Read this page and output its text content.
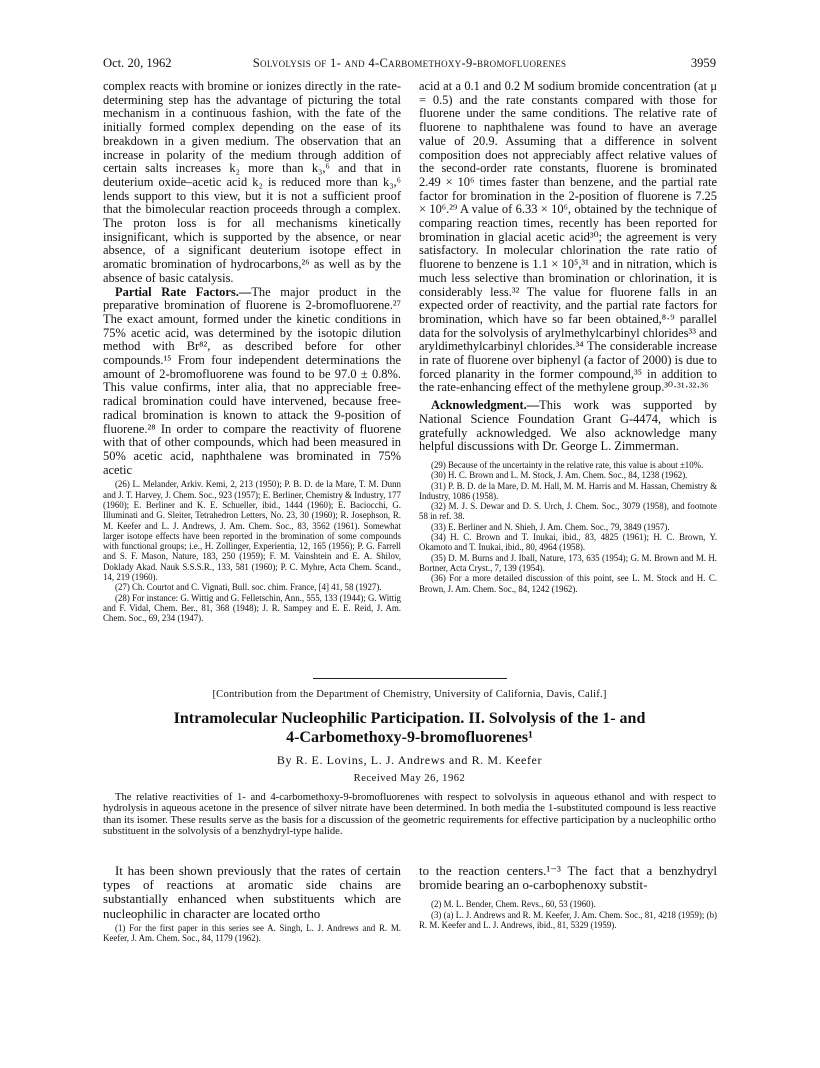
Oct. 20, 1962	Solvolysis of 1- and 4-Carbomethoxy-9-bromofluorenes	3959

complex reacts with bromine or ionizes directly in the rate-determining step has the advantage of picturing the total mechanism in a continuous fashion, with the fate of the initially formed complex depending on the ease of its breakdown in a given medium. The observation that an increase in polarity of the medium through addition of certain salts increases k₂ more than k₃,⁶ and that in deuterium oxide–acetic acid k₂ is reduced more than k₃,⁶ lends support to this view, but it is not a sufficient proof that the bimolecular reaction proceeds through a complex. The proton loss is for all mechanisms kinetically insignificant, which is supported by the absence, or near absence, of a significant deuterium isotope effect in aromatic bromination of hydrocarbons,²⁶ as well as by the absence of basic catalysis.

Partial Rate Factors.—The major product in the preparative bromination of fluorene is 2-bromofluorene.²⁷ The exact amount, formed under the kinetic conditions in 75% acetic acid, was determined by the isotopic dilution method with Br⁸², as described before for other compounds.¹⁵ From four independent determinations the amount of 2-bromofluorene was found to be 97.0 ± 0.8%. This value confirms, inter alia, that no appreciable free-radical bromination could have intervened, because free-radical bromination is known to attack the 9-position of fluorene.²⁸ In order to compare the reactivity of fluorene with that of other compounds, which had been measured in 50% acetic acid, naphthalene was brominated in 75% acetic

(26) L. Melander, Arkiv. Kemi, 2, 213 (1950); P. B. D. de la Mare, T. M. Dunn and J. T. Harvey, J. Chem. Soc., 923 (1957); E. Berliner, Chemistry & Industry, 177 (1960); E. Berliner and K. E. Schueller, ibid., 1444 (1960); E. Baciocchi, G. Illuminati and G. Sleiter, Tetrahedron Letters, No. 23, 30 (1960); R. Josephson, R. M. Keefer and L. J. Andrews, J. Am. Chem. Soc., 83, 3562 (1961). Somewhat larger isotope effects have been reported in the bromination of some compounds with functional groups; i.e., H. Zollinger, Experientia, 12, 165 (1956); P. G. Farrell and S. F. Mason, Nature, 183, 250 (1959); F. M. Vainshtein and E. A. Shilov, Doklady Akad. Nauk S.S.S.R., 133, 581 (1960); P. C. Myhre, Acta Chem. Scand., 14, 219 (1960).

(27) Ch. Courtot and C. Vignati, Bull. soc. chim. France, [4] 41, 58 (1927).

(28) For instance: G. Wittig and G. Felletschin, Ann., 555, 133 (1944); G. Wittig and F. Vidal, Chem. Ber., 81, 368 (1948); J. R. Sampey and E. E. Reid, J. Am. Chem. Soc., 69, 234 (1947).

acid at a 0.1 and 0.2 M sodium bromide concentration (at μ = 0.5) and the rate constants compared with those for fluorene under the same conditions. The relative rate of fluorene to naphthalene was found to have an average value of 20.9. Assuming that a difference in solvent composition does not appreciably affect relative values of the second-order rate constants, fluorene is brominated 2.49 × 10⁶ times faster than benzene, and the partial rate factor for bromination in the 2-position of fluorene is 7.25 × 10⁶.²⁹ A value of 6.33 × 10⁶, obtained by the technique of comparing reaction times, recently has been reported for bromination in glacial acetic acid³⁰; the agreement is very satisfactory. In molecular chlorination the rate ratio of fluorene to benzene is 1.1 × 10⁵,³¹ and in nitration, which is much less selective than bromination or chlorination, it is considerably less.³² The value for fluorene falls in an expected order of reactivity, and the partial rate factors for bromination, which have so far been obtained,⁸·⁹ parallel data for the solvolysis of arylmethylcarbinyl chlorides³³ and aryldimethylcarbinyl chlorides.³⁴ The considerable increase in rate of fluorene over biphenyl (a factor of 2000) is due to forced planarity in the former compound,³⁵ in addition to the rate-enhancing effect of the methylene group.³⁰·³¹·³²·³⁶

Acknowledgment.—This work was supported by National Science Foundation Grant G-4474, which is gratefully acknowledged. We also acknowledge many helpful discussions with Dr. George L. Zimmerman.

(29) Because of the uncertainty in the relative rate, this value is about ±10%.

(30) H. C. Brown and L. M. Stock, J. Am. Chem. Soc., 84, 1238 (1962).

(31) P. B. D. de la Mare, D. M. Hall, M. M. Harris and M. Hassan, Chemistry & Industry, 1086 (1958).

(32) M. J. S. Dewar and D. S. Urch, J. Chem. Soc., 3079 (1958), and footnote 58 in ref. 38.

(33) E. Berliner and N. Shieh, J. Am. Chem. Soc., 79, 3849 (1957).

(34) H. C. Brown and T. Inukai, ibid., 83, 4825 (1961); H. C. Brown, Y. Okamoto and T. Inukai, ibid., 80, 4964 (1958).

(35) D. M. Burns and J. Iball, Nature, 173, 635 (1954); G. M. Brown and M. H. Bortner, Acta Cryst., 7, 139 (1954).

(36) For a more detailed discussion of this point, see L. M. Stock and H. C. Brown, J. Am. Chem. Soc., 84, 1242 (1962).

[Contribution from the Department of Chemistry, University of California, Davis, Calif.]
Intramolecular Nucleophilic Participation. II. Solvolysis of the 1- and
4-Carbomethoxy-9-bromofluorenes¹
By R. E. Lovins, L. J. Andrews and R. M. Keefer
Received May 26, 1962

The relative reactivities of 1- and 4-carbomethoxy-9-bromofluorenes with respect to solvolysis in aqueous ethanol and with respect to hydrolysis in aqueous acetone in the presence of silver nitrate have been determined. In both media the 1-substituted compound is less reactive than its isomer. These results serve as the basis for a discussion of the geometric requirements for effective participation by a nucleophilic ortho substituent in the solvolysis of a benzhydryl-type halide.

It has been shown previously that the rates of certain types of reactions at aromatic side chains are substantially enhanced when substituents which are nucleophilic in character are located ortho

(1) For the first paper in this series see A. Singh, L. J. Andrews and R. M. Keefer, J. Am. Chem. Soc., 84, 1179 (1962).

to the reaction centers.¹⁻³ The fact that a benzhydryl bromide bearing an o-carbophenoxy substit-

(2) M. L. Bender, Chem. Revs., 60, 53 (1960).

(3) (a) L. J. Andrews and R. M. Keefer, J. Am. Chem. Soc., 81, 4218 (1959); (b) R. M. Keefer and L. J. Andrews, ibid., 81, 5329 (1959).
